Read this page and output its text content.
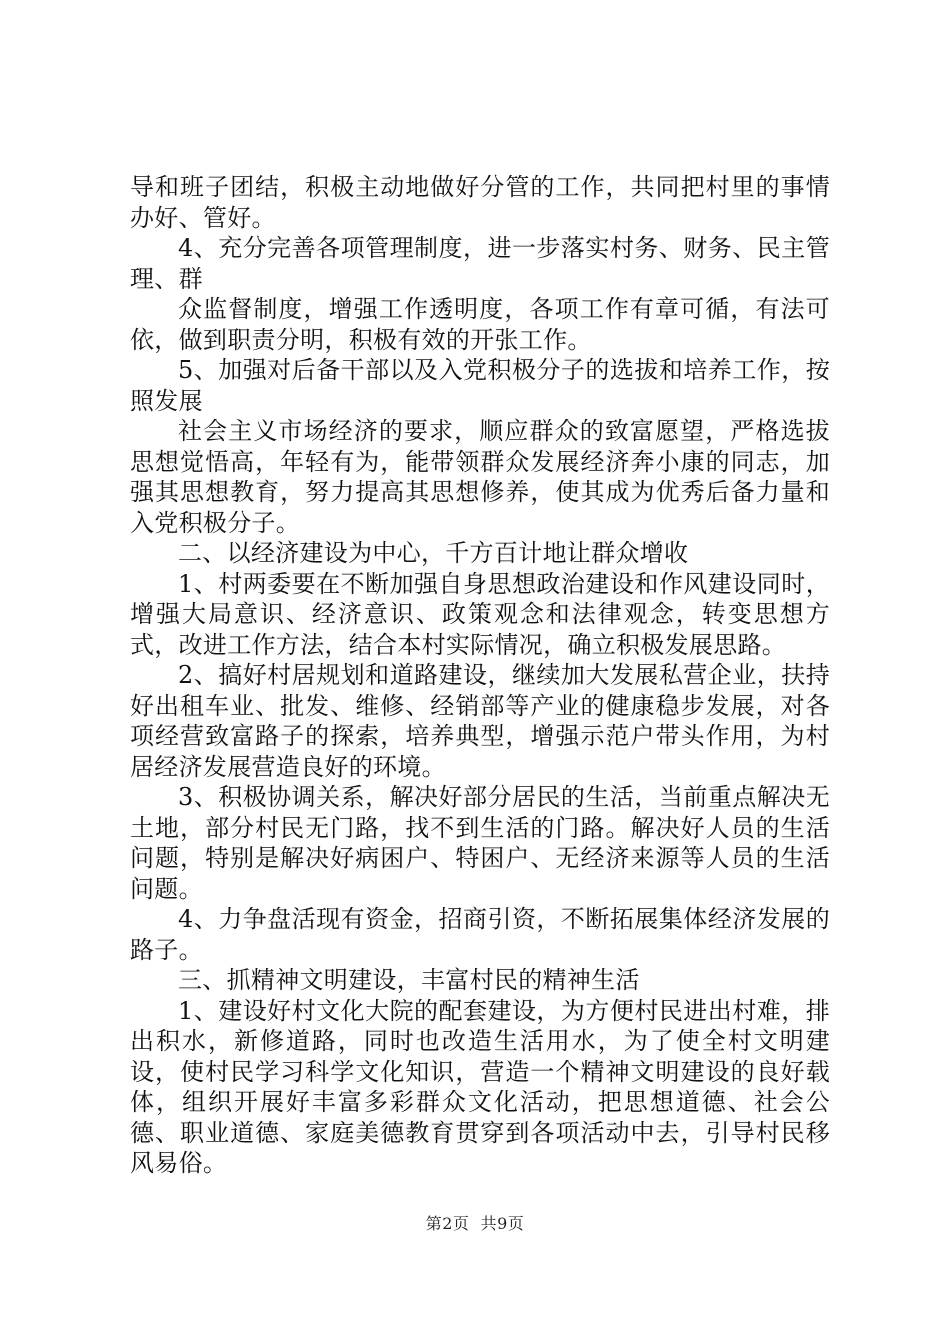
导和班子团结，积极主动地做好分管的工作，共同把村里的事情办好、管好。

4、充分完善各项管理制度，进一步落实村务、财务、民主管理、群

众监督制度，增强工作透明度，各项工作有章可循，有法可依，做到职责分明，积极有效的开张工作。

5、加强对后备干部以及入党积极分子的选拔和培养工作，按照发展

社会主义市场经济的要求，顺应群众的致富愿望，严格选拔思想觉悟高，年轻有为，能带领群众发展经济奔小康的同志，加强其思想教育，努力提高其思想修养，使其成为优秀后备力量和入党积极分子。

二、以经济建设为中心，千方百计地让群众增收

1、村两委要在不断加强自身思想政治建设和作风建设同时，增强大局意识、经济意识、政策观念和法律观念，转变思想方式，改进工作方法，结合本村实际情况，确立积极发展思路。

2、搞好村居规划和道路建设，继续加大发展私营企业，扶持好出租车业、批发、维修、经销部等产业的健康稳步发展，对各项经营致富路子的探索，培养典型，增强示范户带头作用，为村居经济发展营造良好的环境。

3、积极协调关系，解决好部分居民的生活，当前重点解决无土地，部分村民无门路，找不到生活的门路。解决好人员的生活问题，特别是解决好病困户、特困户、无经济来源等人员的生活问题。

4、力争盘活现有资金，招商引资，不断拓展集体经济发展的路子。

三、抓精神文明建设，丰富村民的精神生活

1、建设好村文化大院的配套建设，为方便村民进出村难，排出积水，新修道路，同时也改造生活用水，为了使全村文明建设，使村民学习科学文化知识，营造一个精神文明建设的良好载体，组织开展好丰富多彩群众文化活动，把思想道德、社会公德、职业道德、家庭美德教育贯穿到各项活动中去，引导村民移风易俗。

第2页  共9页
